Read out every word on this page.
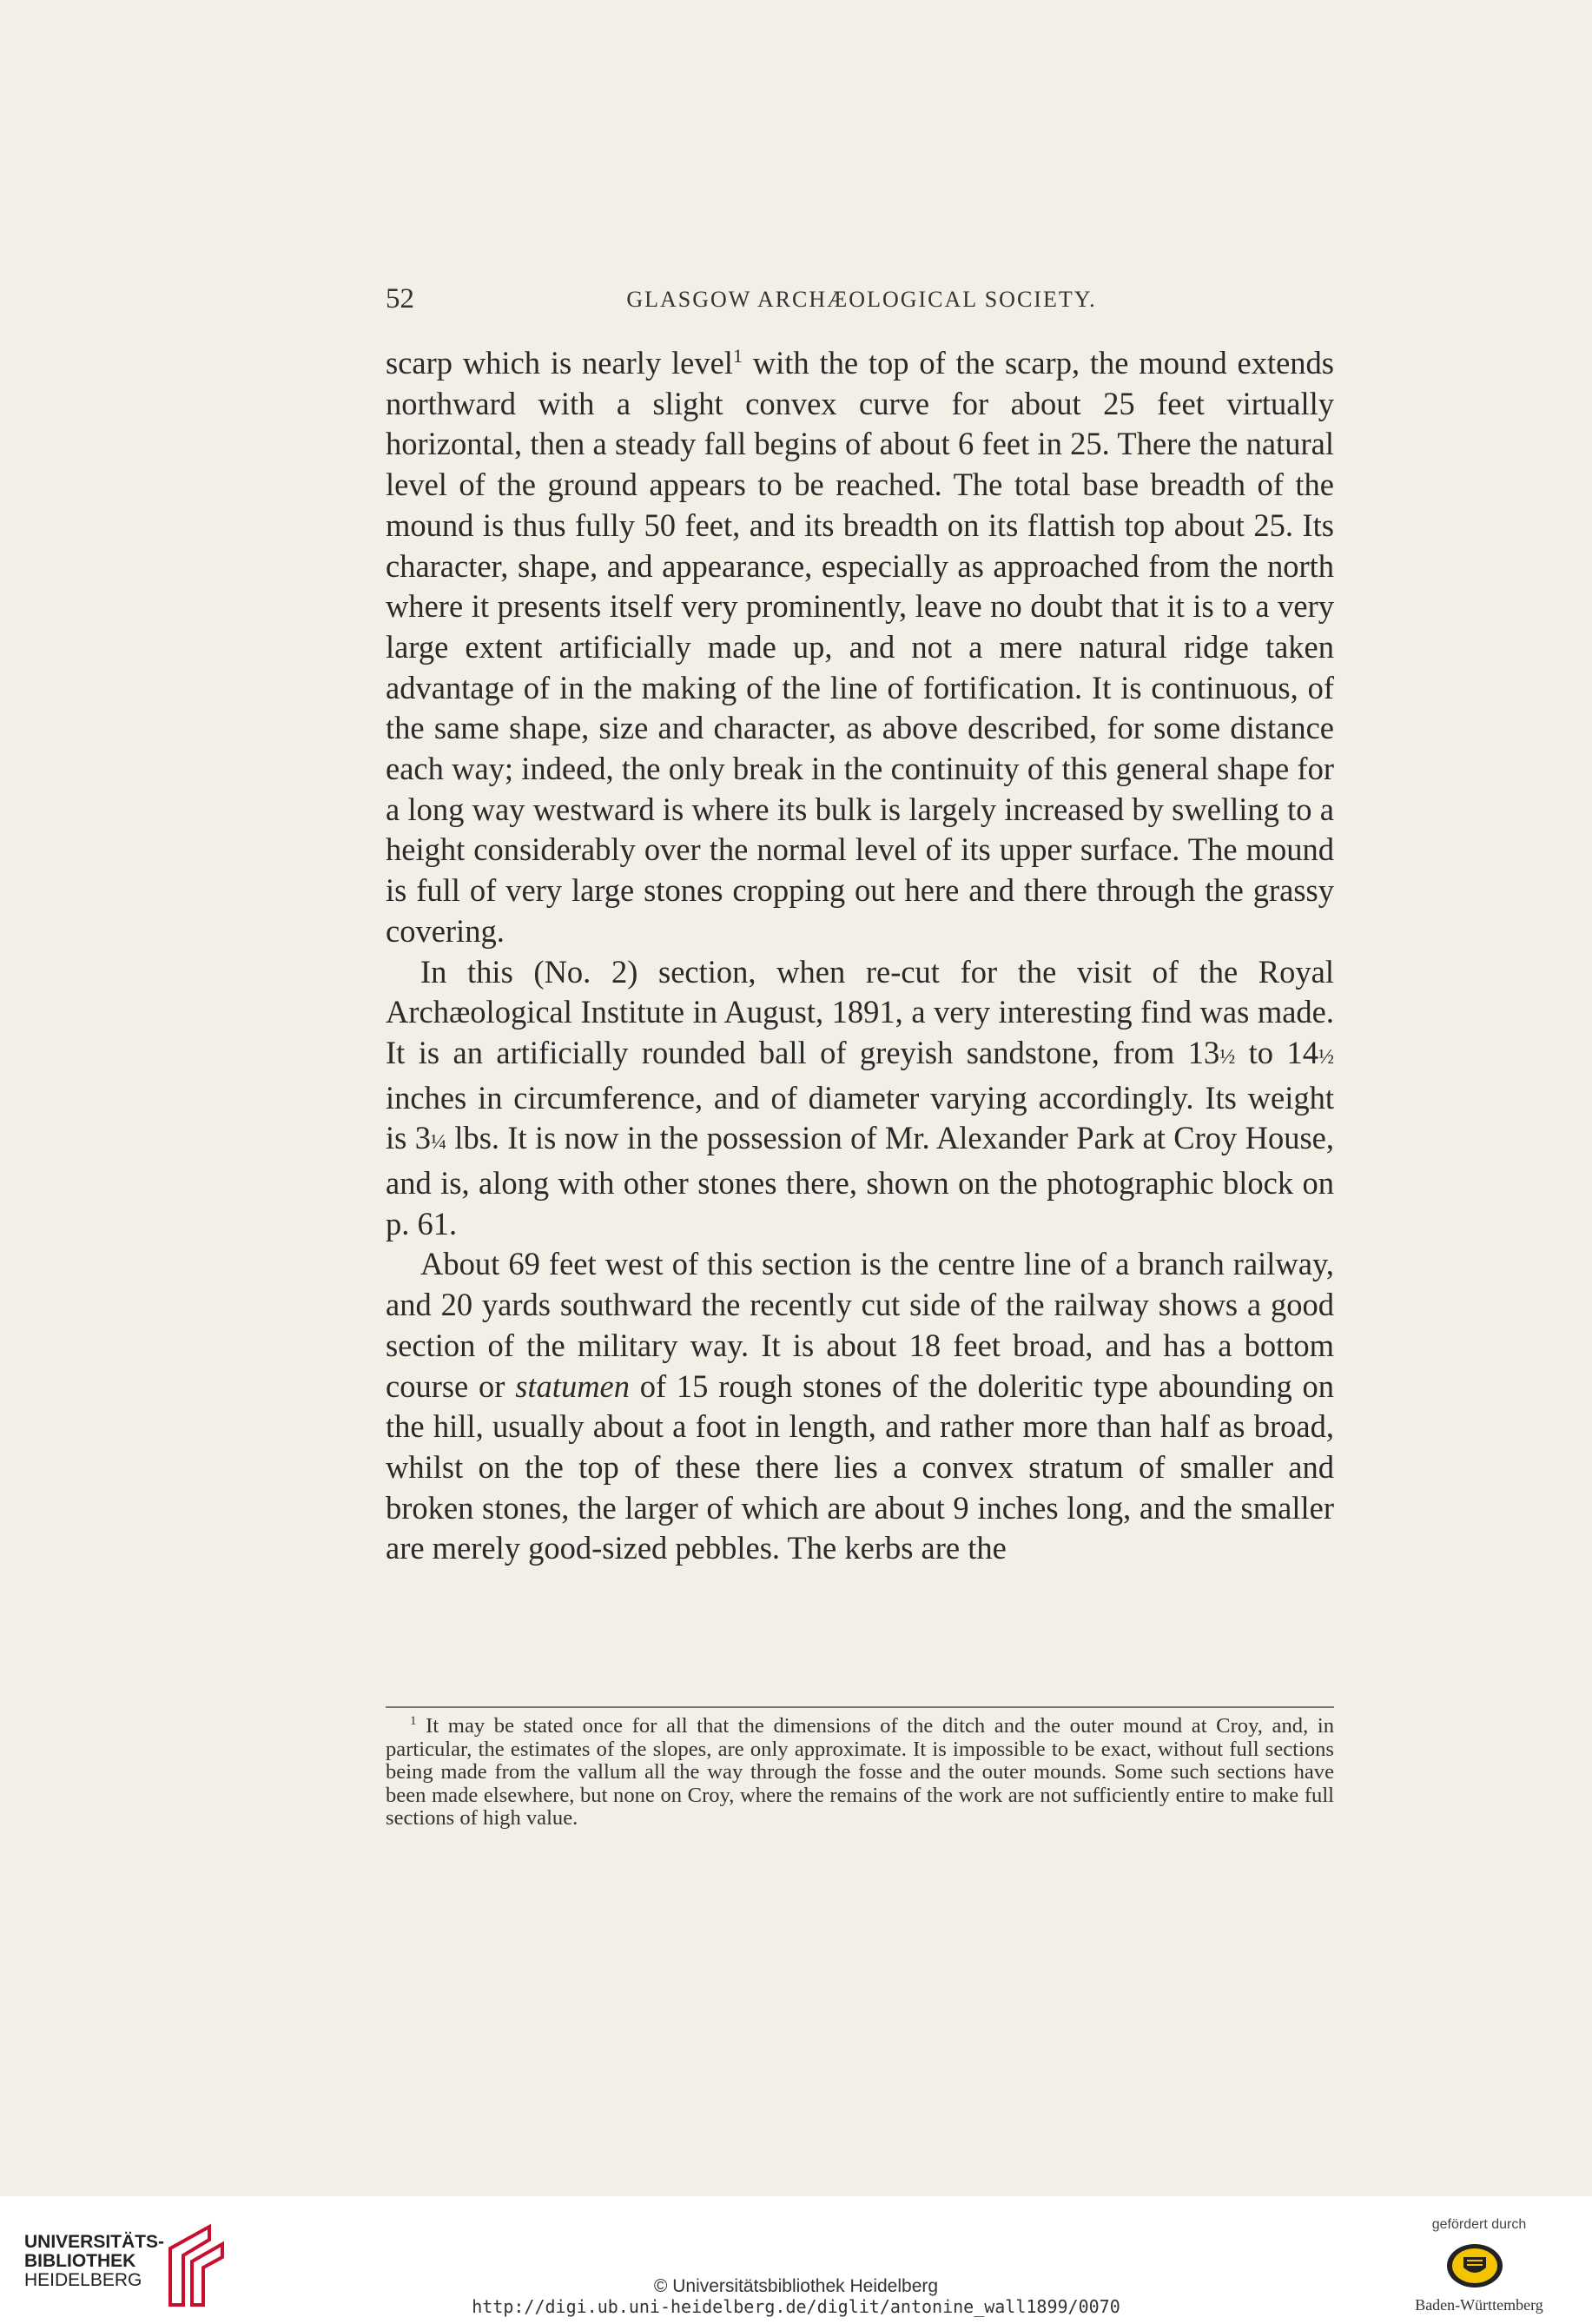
52	GLASGOW ARCHÆOLOGICAL SOCIETY.

scarp which is nearly level$^1$ with the top of the scarp, the mound extends northward with a slight convex curve for about 25 feet virtually horizontal, then a steady fall begins of about 6 feet in 25. There the natural level of the ground appears to be reached. The total base breadth of the mound is thus fully 50 feet, and its breadth on its flattish top about 25. Its character, shape, and appearance, especially as approached from the north where it presents itself very prominently, leave no doubt that it is to a very large extent artificially made up, and not a mere natural ridge taken advantage of in the making of the line of fortification. It is continuous, of the same shape, size and character, as above described, for some distance each way; indeed, the only break in the continuity of this general shape for a long way westward is where its bulk is largely increased by swelling to a height considerably over the normal level of its upper surface. The mound is full of very large stones cropping out here and there through the grassy covering.

In this (No. 2) section, when re-cut for the visit of the Royal Archæological Institute in August, 1891, a very interesting find was made. It is an artificially rounded ball of greyish sandstone, from 13½ to 14½ inches in circumference, and of diameter varying accordingly. Its weight is 3¼ lbs. It is now in the possession of Mr. Alexander Park at Croy House, and is, along with other stones there, shown on the photographic block on p. 61.

About 69 feet west of this section is the centre line of a branch railway, and 20 yards southward the recently cut side of the railway shows a good section of the military way. It is about 18 feet broad, and has a bottom course or statumen of 15 rough stones of the doleritic type abounding on the hill, usually about a foot in length, and rather more than half as broad, whilst on the top of these there lies a convex stratum of smaller and broken stones, the larger of which are about 9 inches long, and the smaller are merely good-sized pebbles. The kerbs are the

$^1$ It may be stated once for all that the dimensions of the ditch and the outer mound at Croy, and, in particular, the estimates of the slopes, are only approximate. It is impossible to be exact, without full sections being made from the vallum all the way through the fosse and the outer mounds. Some such sections have been made elsewhere, but none on Croy, where the remains of the work are not sufficiently entire to make full sections of high value.
UNIVERSITÄTS-
BIBLIOTHEK
HEIDELBERG	© Universitätsbibliothek Heidelberg
http://digi.ub.uni-heidelberg.de/diglit/antonine_wall1899/0070
gefördert durch
Baden-Württemberg
